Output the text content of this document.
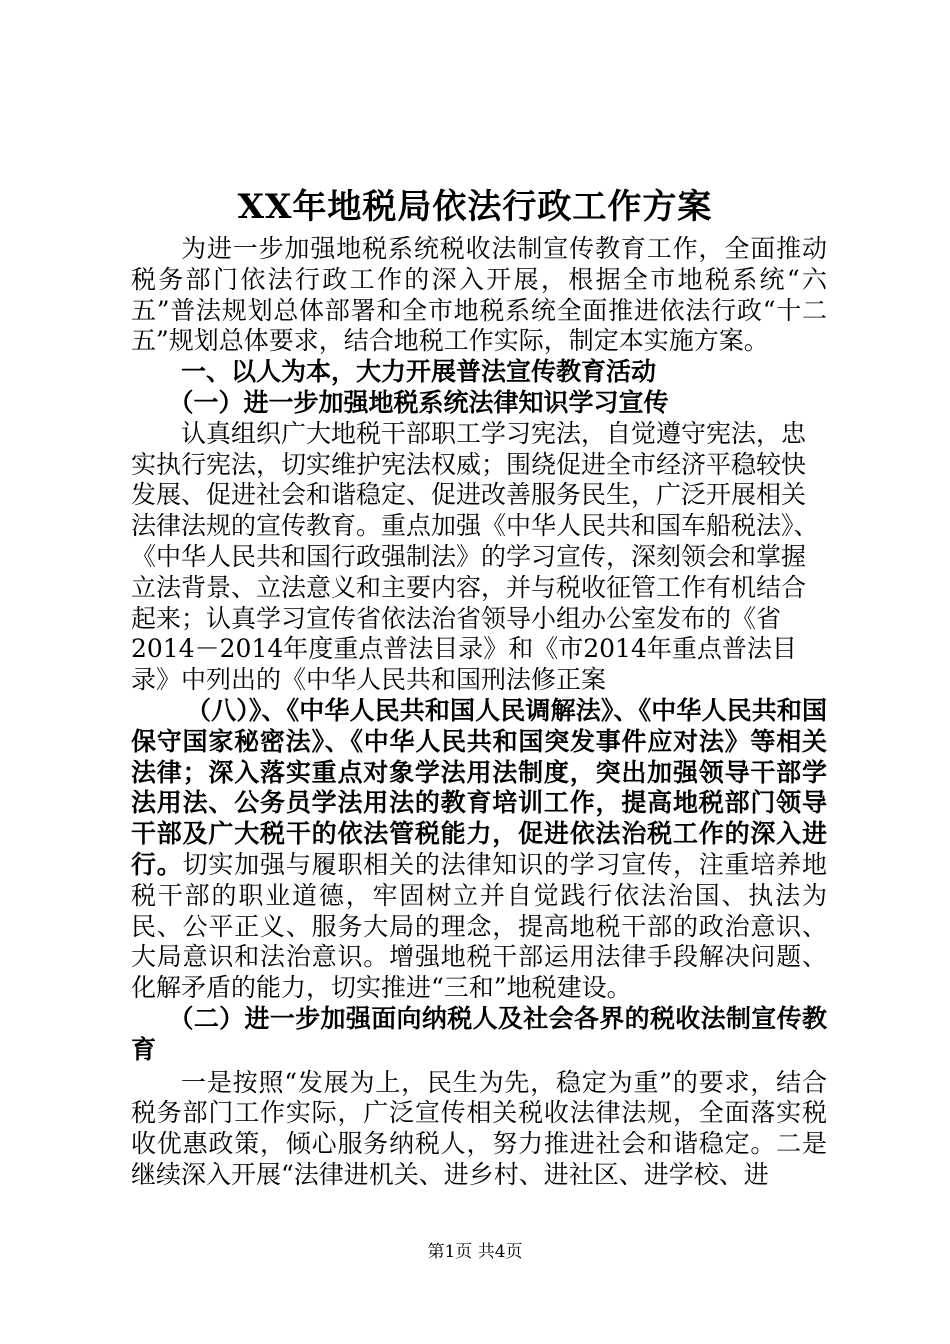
XX年地税局依法行政工作方案

为进一步加强地税系统税收法制宣传教育工作，全面推动税务部门依法行政工作的深入开展，根据全市地税系统“六五”普法规划总体部署和全市地税系统全面推进依法行政“十二五”规划总体要求，结合地税工作实际，制定本实施方案。

一、以人为本，大力开展普法宣传教育活动

（一）进一步加强地税系统法律知识学习宣传

认真组织广大地税干部职工学习宪法，自觉遵守宪法，忠实执行宪法，切实维护宪法权威；围绕促进全市经济平稳较快发展、促进社会和谐稳定、促进改善服务民生，广泛开展相关法律法规的宣传教育。重点加强《中华人民共和国车船税法》、《中华人民共和国行政强制法》的学习宣传，深刻领会和掌握立法背景、立法意义和主要内容，并与税收征管工作有机结合起来；认真学习宣传省依法治省领导小组办公室发布的《省2014－2014年度重点普法目录》和《市2014年重点普法目录》中列出的《中华人民共和国刑法修正案

（八）》、《中华人民共和国人民调解法》、《中华人民共和国保守国家秘密法》、《中华人民共和国突发事件应对法》等相关法律；深入落实重点对象学法用法制度，突出加强领导干部学法用法、公务员学法用法的教育培训工作，提高地税部门领导干部及广大税干的依法管税能力，促进依法治税工作的深入进行。切实加强与履职相关的法律知识的学习宣传，注重培养地税干部的职业道德，牢固树立并自觉践行依法治国、执法为民、公平正义、服务大局的理念，提高地税干部的政治意识、大局意识和法治意识。增强地税干部运用法律手段解决问题、化解矛盾的能力，切实推进“三和”地税建设。

（二）进一步加强面向纳税人及社会各界的税收法制宣传教育

一是按照“发展为上，民生为先，稳定为重”的要求，结合税务部门工作实际，广泛宣传相关税收法律法规，全面落实税收优惠政策，倾心服务纳税人，努力推进社会和谐稳定。二是继续深入开展“法律进机关、进乡村、进社区、进学校、进

第1页 共4页
